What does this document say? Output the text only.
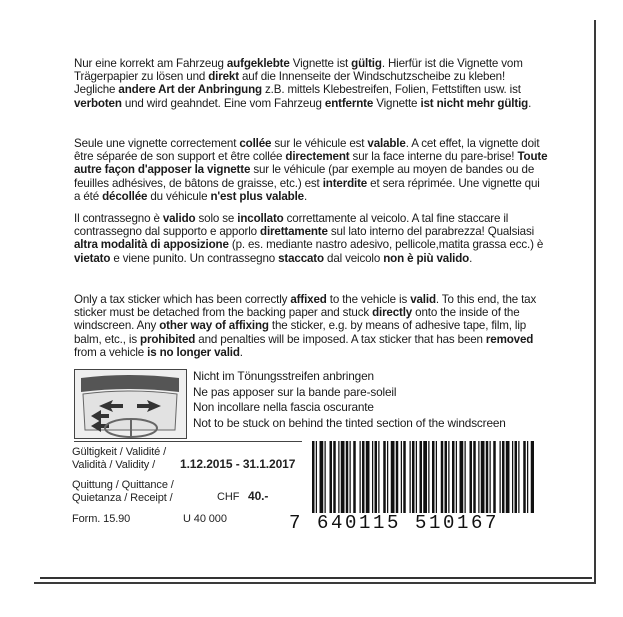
Nur eine korrekt am Fahrzeug aufgeklebte Vignette ist gültig. Hierfür ist die Vignette vom Trägerpapier zu lösen und direkt auf die Innenseite der Windschutzscheibe zu kleben! Jegliche andere Art der Anbringung z.B. mittels Klebestreifen, Folien, Fettstiften usw. ist verboten und wird geahndet. Eine vom Fahrzeug entfernte Vignette ist nicht mehr gültig.
Seule une vignette correctement collée sur le véhicule est valable. A cet effet, la vignette doit être séparée de son support et être collée directement sur la face interne du pare-brise! Toute autre façon d'apposer la vignette sur le véhicule (par exemple au moyen de bandes ou de feuilles adhésives, de bâtons de graisse, etc.) est interdite et sera réprimée. Une vignette qui a été décollée du véhicule n'est plus valable.
Il contrassegno è valido solo se incollato correttamente al veicolo. A tal fine staccare il contrassegno dal supporto e apporlo direttamente sul lato interno del parabrezza! Qualsiasi altra modalità di apposizione (p. es. mediante nastro adesivo, pellicole,matita grassa ecc.) è vietato e viene punito. Un contrassegno staccato dal veicolo non è più valido.
Only a tax sticker which has been correctly affixed to the vehicle is valid. To this end, the tax sticker must be detached from the backing paper and stuck directly onto the inside of the windscreen. Any other way of affixing the sticker, e.g. by means of adhesive tape, film, lip balm, etc., is prohibited and penalties will be imposed. A tax sticker that has been removed from a vehicle is no longer valid.
Nicht im Tönungsstreifen anbringen
Ne pas apposer sur la bande pare-soleil
Non incollare nella fascia oscurante
Not to be stuck on behind the tinted section of the windscreen
Gültigkeit / Validité /
Validità / Validity / 1.12.2015 - 31.1.2017
Quittung / Quittance /
Quietanza / Receipt /	CHF 40.-
Form. 15.90	U 40 000	7 640115 510167
